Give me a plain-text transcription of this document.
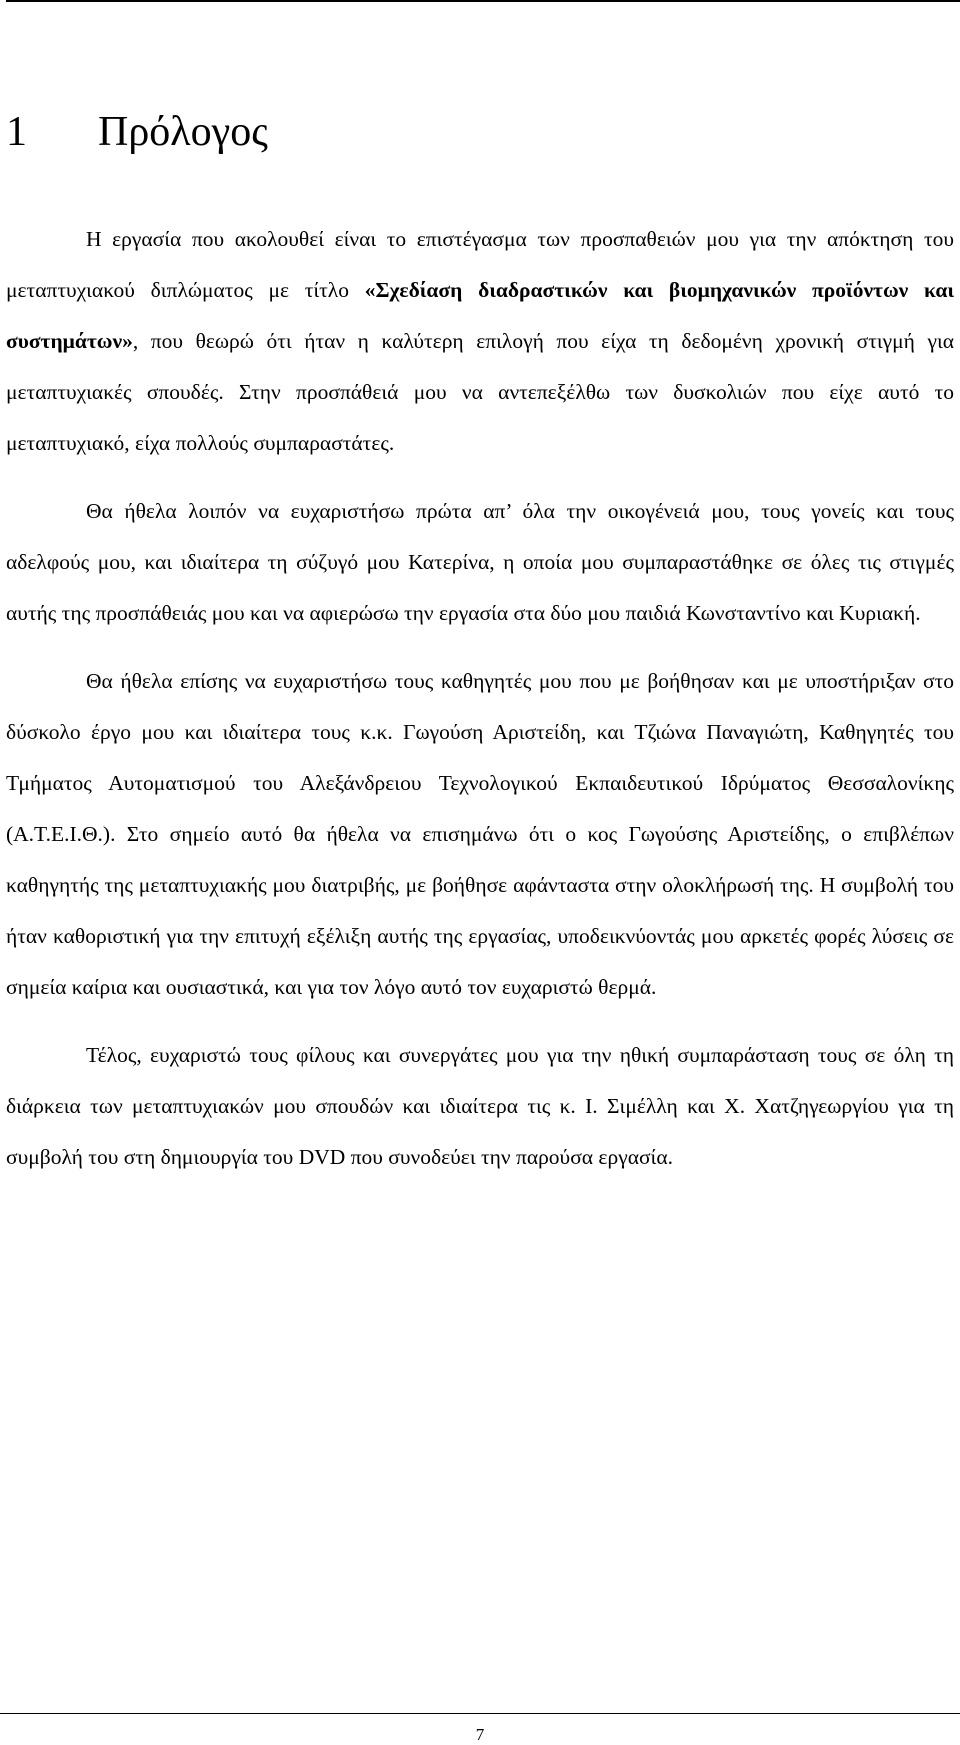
1 Πρόλογος

Η εργασία που ακολουθεί είναι το επιστέγασμα των προσπαθειών μου για την απόκτηση του μεταπτυχιακού διπλώματος με τίτλο «Σχεδίαση διαδραστικών και βιομηχανικών προϊόντων και συστημάτων», που θεωρώ ότι ήταν η καλύτερη επιλογή που είχα τη δεδομένη χρονική στιγμή για μεταπτυχιακές σπουδές. Στην προσπάθειά μου να αντεπεξέλθω των δυσκολιών που είχε αυτό το μεταπτυχιακό, είχα πολλούς συμπαραστάτες.

Θα ήθελα λοιπόν να ευχαριστήσω πρώτα απ’ όλα την οικογένειά μου, τους γονείς και τους αδελφούς μου, και ιδιαίτερα τη σύζυγό μου Κατερίνα, η οποία μου συμπαραστάθηκε σε όλες τις στιγμές αυτής της προσπάθειάς μου και να αφιερώσω την εργασία στα δύο μου παιδιά Κωνσταντίνο και Κυριακή.

Θα ήθελα επίσης να ευχαριστήσω τους καθηγητές μου που με βοήθησαν και με υποστήριξαν στο δύσκολο έργο μου και ιδιαίτερα τους κ.κ. Γωγούση Αριστείδη, και Τζιώνα Παναγιώτη, Καθηγητές του Τμήματος Αυτοματισμού του Αλεξάνδρειου Τεχνολογικού Εκπαιδευτικού Ιδρύματος Θεσσαλονίκης (Α.Τ.Ε.Ι.Θ.). Στο σημείο αυτό θα ήθελα να επισημάνω ότι ο κος Γωγούσης Αριστείδης, ο επιβλέπων καθηγητής της μεταπτυχιακής μου διατριβής, με βοήθησε αφάνταστα στην ολοκλήρωσή της. Η συμβολή του ήταν καθοριστική για την επιτυχή εξέλιξη αυτής της εργασίας, υποδεικνύοντάς μου αρκετές φορές λύσεις σε σημεία καίρια και ουσιαστικά, και για τον λόγο αυτό τον ευχαριστώ θερμά.

Τέλος, ευχαριστώ τους φίλους και συνεργάτες μου για την ηθική συμπαράσταση τους σε όλη τη διάρκεια των μεταπτυχιακών μου σπουδών και ιδιαίτερα τις κ. Ι. Σιμέλλη και Χ. Χατζηγεωργίου για τη συμβολή του στη δημιουργία του DVD που συνοδεύει την παρούσα εργασία.

7
